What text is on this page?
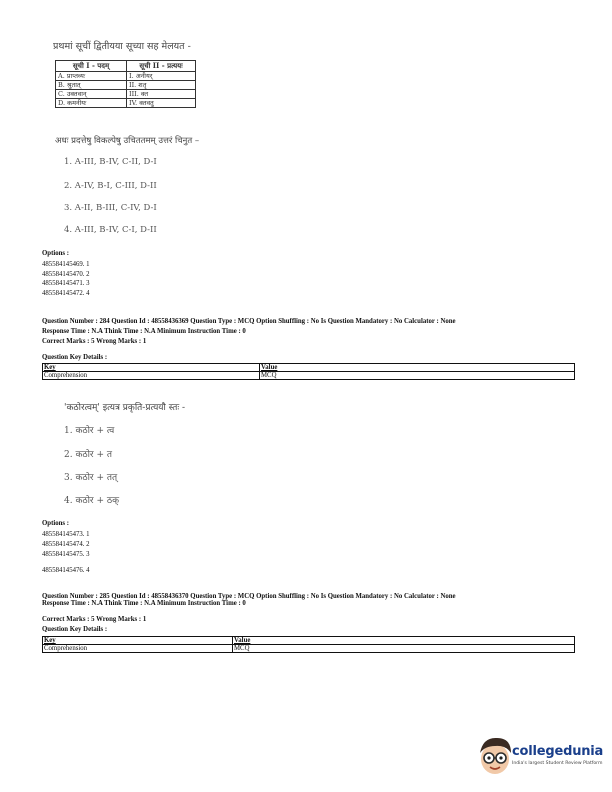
प्रथमां सूचीं द्वितीयया सूच्या सह मेलयत -
सूची I - पदम्	सूची II - प्रत्ययः
A. प्राप्तव्यः	I. अनीयर्
B. श्रुतात्	II. शतृ
C. उक्तवान्	III. क्त
D. कमनीयः	IV. क्तवतु
अधः प्रदत्तेषु विकल्पेषु उचिततमम् उत्तरं चिनुत –
1. A-III, B-IV, C-II, D-I
2. A-IV, B-I, C-III, D-II
3. A-II, B-III, C-IV, D-I
4. A-III, B-IV, C-I, D-II
Options :
485584145469. 1
485584145470. 2
485584145471. 3
485584145472. 4
Question Number : 284 Question Id : 48558436369 Question Type : MCQ Option Shuffling : No Is Question Mandatory : No Calculator : None
Response Time : N.A Think Time : N.A Minimum Instruction Time : 0
Correct Marks : 5 Wrong Marks : 1
Question Key Details :
Key	Value
Comprehension	MCQ
'कठोरत्वम्' इत्यत्र प्रकृति-प्रत्ययौ स्तः -
1. कठोर + त्व
2. कठोर + त
3. कठोर + तत्
4. कठोर + ठक्
Options :
485584145473. 1
485584145474. 2
485584145475. 3
485584145476. 4
Question Number : 285 Question Id : 48558436370 Question Type : MCQ Option Shuffling : No Is Question Mandatory : No Calculator : None
Response Time : N.A Think Time : N.A Minimum Instruction Time : 0
Correct Marks : 5 Wrong Marks : 1
Question Key Details :
Key	Value
Comprehension	MCQ
collegedunia
India's largest Student Review Platform
